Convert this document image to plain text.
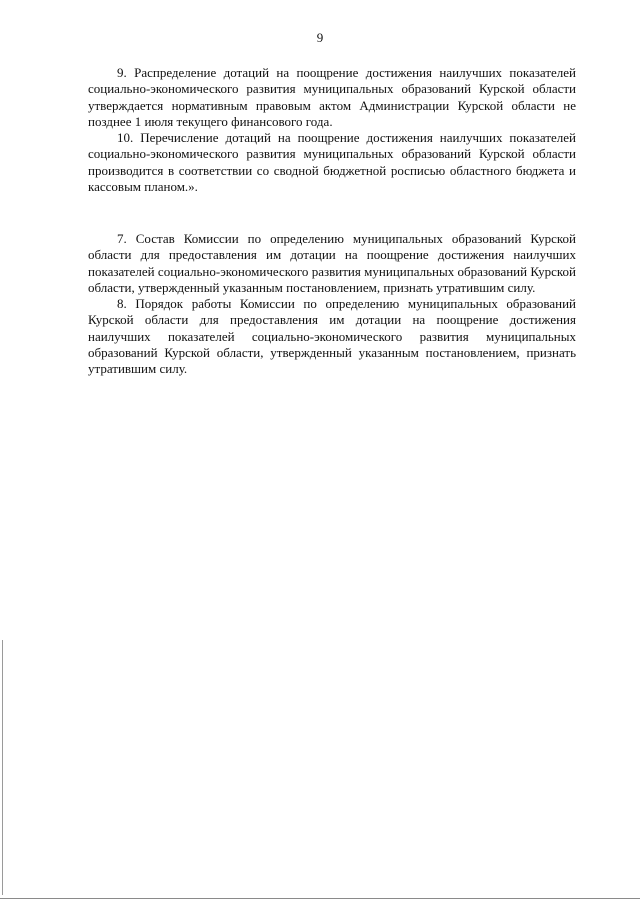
9

9. Распределение дотаций на поощрение достижения наилучших показателей социально-экономического развития муниципальных образований Курской области утверждается нормативным правовым актом Администрации Курской области не позднее 1 июля текущего финансового года.

10. Перечисление дотаций на поощрение достижения наилучших показателей социально-экономического развития муниципальных образований Курской области производится в соответствии со сводной бюджетной росписью областного бюджета и кассовым планом.».

7. Состав Комиссии по определению муниципальных образований Курской области для предоставления им дотации на поощрение достижения наилучших показателей социально-экономического развития муниципальных образований Курской области, утвержденный указанным постановлением, признать утратившим силу.

8. Порядок работы Комиссии по определению муниципальных образований Курской области для предоставления им дотации на поощрение достижения наилучших показателей социально-экономического развития муниципальных образований Курской области, утвержденный указанным постановлением, признать утратившим силу.
